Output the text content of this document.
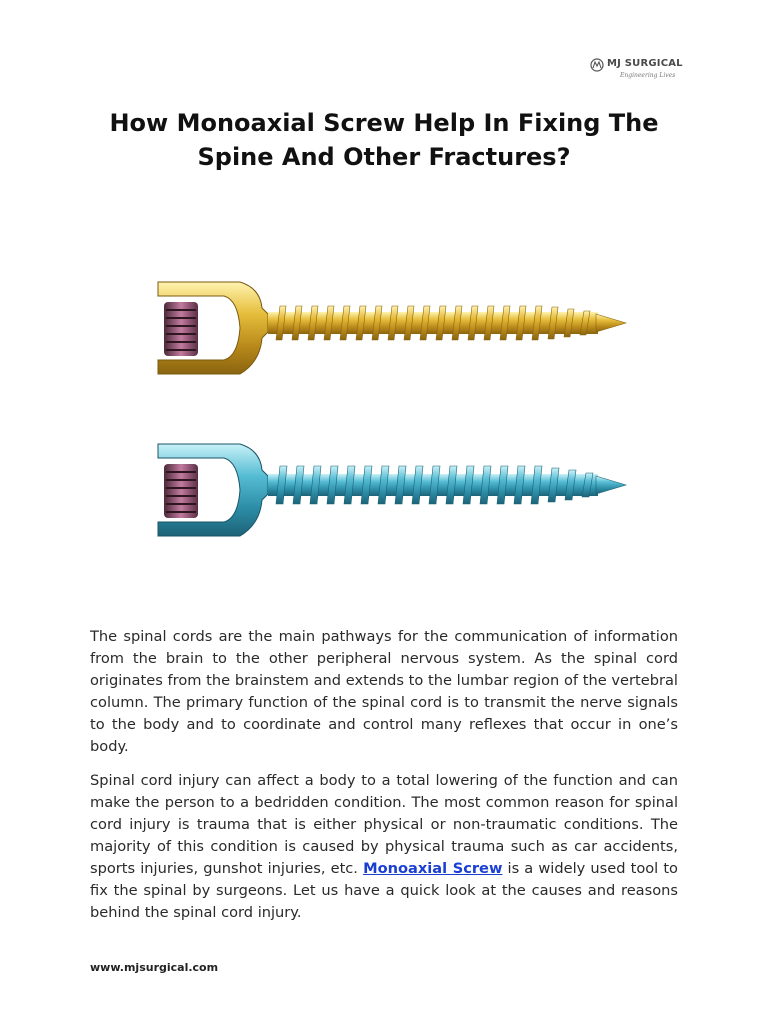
MJ SURGICAL
Engineering Lives
How Monoaxial Screw Help In Fixing The Spine And Other Fractures?

The spinal cords are the main pathways for the communication of information from the brain to the other peripheral nervous system. As the spinal cord originates from the brainstem and extends to the lumbar region of the vertebral column. The primary function of the spinal cord is to transmit the nerve signals to the body and to coordinate and control many reflexes that occur in one’s body.

Spinal cord injury can affect a body to a total lowering of the function and can make the person to a bedridden condition. The most common reason for spinal cord injury is trauma that is either physical or non-traumatic conditions. The majority of this condition is caused by physical trauma such as car accidents, sports injuries, gunshot injuries, etc. Monoaxial Screw is a widely used tool to fix the spinal by surgeons. Let us have a quick look at the causes and reasons behind the spinal cord injury.

www.mjsurgical.com
